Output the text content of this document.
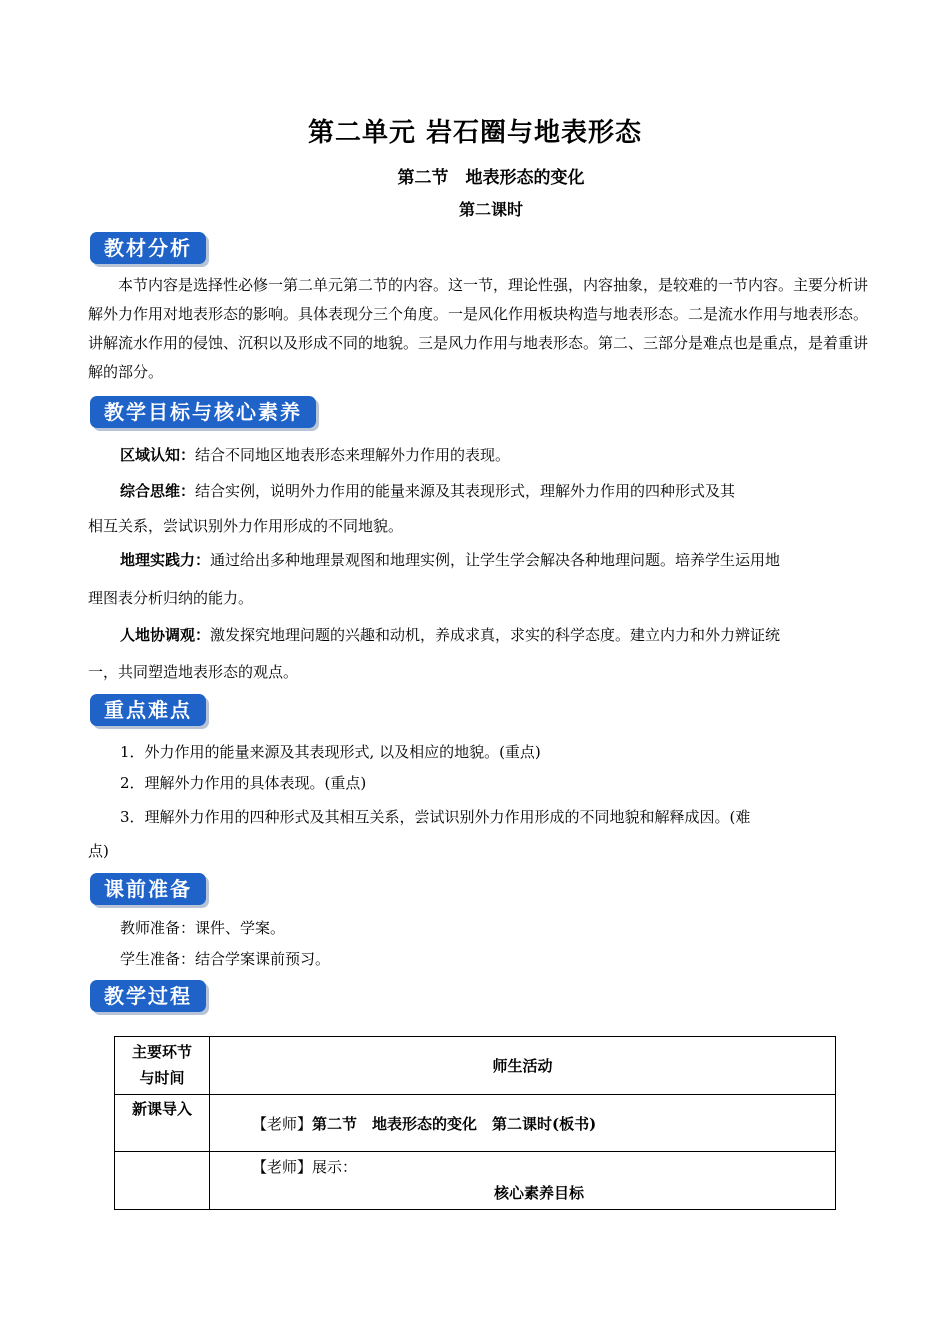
第二单元 岩石圈与地表形态
第二节　地表形态的变化
第二课时
教材分析

本节内容是选择性必修一第二单元第二节的内容。这一节，理论性强，内容抽象，是较难的一节内容。主要分析讲解外力作用对地表形态的影响。具体表现分三个角度。一是风化作用板块构造与地表形态。二是流水作用与地表形态。讲解流水作用的侵蚀、沉积以及形成不同的地貌。三是风力作用与地表形态。第二、三部分是难点也是重点，是着重讲解的部分。

教学目标与核心素养

区域认知：结合不同地区地表形态来理解外力作用的表现。

综合思维：结合实例，说明外力作用的能量来源及其表现形式，理解外力作用的四种形式及其

相互关系，尝试识别外力作用形成的不同地貌。

地理实践力：通过给出多种地理景观图和地理实例，让学生学会解决各种地理问题。培养学生运用地

理图表分析归纳的能力。

人地协调观：激发探究地理问题的兴趣和动机，养成求真，求实的科学态度。建立内力和外力辨证统

一，共同塑造地表形态的观点。

重点难点

1．外力作用的能量来源及其表现形式, 以及相应的地貌。(重点)

2．理解外力作用的具体表现。(重点)

3．理解外力作用的四种形式及其相互关系，尝试识别外力作用形成的不同地貌和解释成因。(难

点)

课前准备

教师准备：课件、学案。

学生准备：结合学案课前预习。

教学过程
主要环节
与时间	师生活动
新课导入	【老师】第二节　地表形态的变化　第二课时(板书)

	【老师】展示：
核心素养目标
